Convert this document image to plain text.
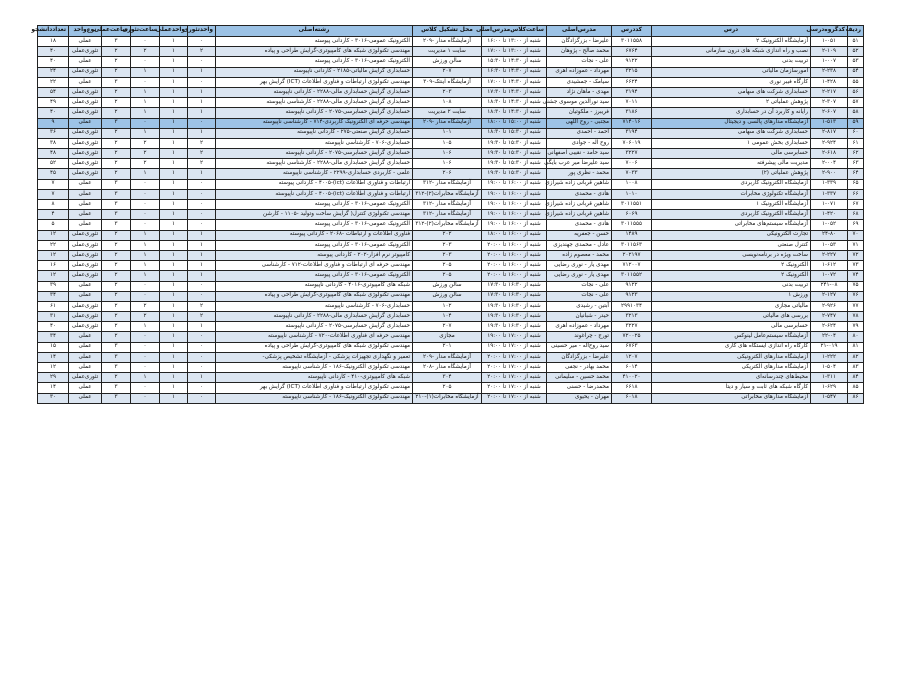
ردیف	کدگروه‌درسی	درس	کددرس	مدرس‌اصلی	ساعت‌کلاس‌مدرس‌اصلی	محل تشکیل کلاس	رشته‌اصلی	واحدتئوری	واحدعملی	ساعت‌تئوری	ساعت‌عملی	نوع‌واحد	تعداددانشجو
۵۱	۱-۰۵۱	آزمایشگاه الکترونیک ۲	۳۰۱۱۵۵۸	علیرضا - بزرگزادگان	شنبه از ۱۳:۰۰ تا ۱۶:۰۰	آزمایشگاه مدار -۲۰۹	الکترونیک عمومی-۳۰۱۶ - کاردانی پیوسته	۰	۱	۰	۳	عملی	۱۸
۵۲	۲-۱۰۹	نصب و راه اندازی شبکه های درون سازمانی	۶۷۶۴	محمد صالح - پژوهان	شنبه از ۱۳:۰۰ تا ۱۷:۰۰	سایت ۱ مدیریت	مهندسی تکنولوژی شبکه های کامپیوتری-گرایش طراحی و پیاده	۲	۱	۲	۲	تئوری‌عملی	۴۰
۵۳	۱-۰۰۷	تربیت بدنی	۹۱۲۲	علی - نجات	شنبه از ۱۴:۳۰ تا ۱۵:۳۰	سالن ورزش	الکترونیک عمومی-۳۰۱۶ - کاردانی پیوسته	۰	۱	۰	۲	عملی	۴۰
۵۴	۲-۲۳۸	امورسازمان مالیاتی	۳۲۱۵	مهرداد - عموزاده اهری	شنبه از ۱۴:۳۰ تا ۱۶:۳۰	۲۰۷	حسابداری گرایش مالیاتی-۲۱۸۵ - کاردانی ناپیوسته	۱	۱	۱	۲	تئوری‌عملی	۲۴
۵۵	۱-۴۲۸	کارگاه فیبر نوری	۶۶۲۴	سیامک - جمشیدی	شنبه از ۱۴:۳۰ تا ۱۷:۰۰	آزمایشگاه اینتک-۳۰۹	مهندسی تکنولوژی ارتباطات و فناوری اطلاعات (ICT) گرایش بهر	۰	۱	۰	۳	عملی	۲۲
۵۶	۲-۲۱۷	حسابداری شرکت های سهامی	۳۱۹۴	مهدی - ماهان نژاد	شنبه از ۱۴:۳۰ تا ۱۷:۳۰	۲۰۳	حسابداری گرایش حسابداری مالی-۲۲۸۸ - کاردانی ناپیوسته	۱	۱	۱	۲	تئوری‌عملی	۵۴
۵۷	۲-۳۰۷	پژوهش عملیاتی ۲	۷۰۱۱	سید نورالدین موسوی جشنی	شنبه از ۱۴:۳۰ تا ۱۸:۳۰	۱۰۸	حسابداری گرایش حسابداری مالی-۲۲۸۸ - کارشناسی ناپیوسته	۱	۱	۱	۲	تئوری‌عملی	۴۹
۵۸	۲-۶۰۷	رایانه و کاربرد آن در حسابداری	۳۱۸۶	فریبرز - ملکوتیان	شنبه از ۱۴:۳۰ تا ۱۸:۳۰	سایت ۲ مدیریت	حسابداری گرایش حسابرسی-۲۰۷۵ - کاردانی ناپیوسته	۱	۱	۱	۲	تئوری‌عملی	۴۰
۵۹	۱-۵۱۳	آزمایشگاه مدارهای پالسی و دیجیتال	۷۱۴۰۱۶	مجتبی - روح اللهی	شنبه از ۱۵:۰۰ تا ۱۸:۰۰	آزمایشگاه مدار -۲۰۹	مهندسی حرفه ای الکترونیک کاربردی-۷۱۴ - کارشناسی ناپیوسته	۰	۱	۰	۳	عملی	۹
۶۰	۲-۸۱۷	حسابداری شرکت های سهامی	۳۱۹۴	احمد - احمدی	شنبه از ۱۵:۳۰ تا ۱۸:۳۰	۱۰۱	حسابداری گرایش صنعتی-۲۷۵ - کاردانی ناپیوسته	۱	۱	۱	۲	تئوری‌عملی	۳۶
۶۱	۲-۹۲۴	حسابداری بخش عمومی ۱	۷۰۶۰۱۹	روح اله - جوادی	شنبه از ۱۵:۳۰ تا ۱۹:۳۰	۱۰۵	حسابداری-۷۰۶ - کارشناسی ناپیوسته	۲	۱	۲	۲	تئوری‌عملی	۳۸
۶۲	۲-۶۱۸	حسابرسی مالی	۳۲۲۷	سید حامد - نقیبی اصفهانی	شنبه از ۱۵:۳۰ تا ۱۹:۳۰	۱۰۶	حسابداری گرایش حسابرسی-۲۰۷۵ - کاردانی ناپیوسته	۲	۱	۲	۲	تئوری‌عملی	۴۸
۶۳	۲-۰۰۴	مدیریت مالی پیشرفته	۷۰۰۶	سید علیرضا میر عرب بایگی	شنبه از ۱۵:۳۰ تا ۱۹:۳۰	۱۰۶	حسابداری گرایش حسابداری مالی-۲۲۸۸ - کارشناسی ناپیوسته	۲	۱	۲	۲	تئوری‌عملی	۵۲
۶۴	۲-۹۰۰	پژوهش عملیاتی (۲)	۷۰۳۳	محمد - نظری پور	شنبه از ۱۵:۳۰ تا ۱۹:۳۰	۲۰۶	علمی - کاربردی حسابداری-۲۲۹۹ - کارشناسی ناپیوسته	۱	۱	۱	۲	تئوری‌عملی	۴۵
۶۵	۱-۳۳۹	آزمایشگاه الکترونیک کاربردی	۱۰۰۸	شاهین قربانی زاده شیرازی	شنبه از ۱۶:۰۰ تا ۱۹:۰۰	آزمایشگاه مدار -۳۱۲	ارتباطات و فناوری اطلاعات (ict)-۴۰۰۵ - کاردانی پیوسته	۰	۱	۰	۳	عملی	۷
۶۶	۱-۳۳۷	آزمایشگاه تکنولوژی مخابرات	۱۰۱۰	هادی - محمدی	شنبه از ۱۶:۰۰ تا ۱۹:۰۰	آزمایشگاه مخابرات(۲)-۳۱۲	ارتباطات و فناوری اطلاعات (ict)-۴۰۰۵ - کاردانی ناپیوسته	۰	۱	۰	۳	عملی	۷
۶۷	۱-۰۷۱	آزمایشگاه الکترونیک ۱	۳۰۱۱۵۵۱	شاهین قربانی زاده شیرازی	شنبه از ۱۶:۰۰ تا ۱۹:۰۰	آزمایشگاه مدار -۳۱۲	الکترونیک عمومی-۳۰۱۶ - کاردانی پیوسته	۰	۱	۰	۳	عملی	۸
۶۸	۱-۴۲۰	آزمایشگاه الکترونیک کاربردی	۶۰۶۹	شاهین قربانی زاده شیرازی	شنبه از ۱۶:۰۰ تا ۱۹:۰۰	آزمایشگاه مدار -۳۱۲	مهندسی تکنولوژی کنترل( گرایش ساخت وتولید -۱۱۰۵ - کارشن	۰	۱	۰	۳	عملی	۴
۶۹	۱-۰۵۲	آزمایشگاه سیستم‌های مخابراتی	۳۰۱۱۵۵۵	هادی - محمدی	شنبه از ۱۶:۰۰ تا ۱۹:۰۰	آزمایشگاه مخابرات(۲)-۳۱۲	الکترونیک عمومی-۳۰۱۶ - کاردانی پیوسته	۰	۱	۰	۳	عملی	۵
۷۰	۲۴-۸۰	تجارت الکترونیکی	۱۴۸۹	حسن - جعفریه	شنبه از ۱۶:۰۰ تا ۱۸:۰۰	۲۰۲	فناوری اطلاعات و ارتباطات -۲۰۶۸ - کاردانی پیوسته	۱	۱	۱	۲	تئوری‌عملی	۱۲
۷۱	۱-۰۵۳	کنترل صنعتی	۳۰۱۱۵۶۳	عادل - محمدی جهندیزی	شنبه از ۱۶:۰۰ تا ۲۰:۰۰	۲۰۳	الکترونیک عمومی-۳۰۱۶ - کاردانی پیوسته	۱	۱	۱	۲	تئوری‌عملی	۲۲
۷۲	۲-۲۲۷	ساخت ویژه در برنامه‌نویسی	۲۰۲۱۹۷	محمد - معصوم زاده	شنبه از ۱۶:۰۰ تا ۲۰:۰۰	۲۰۳	کامپیوتر نرم افزار-۲۰۲ - کاردانی پیوسته	۱	۱	۱	۲	تئوری‌عملی	۱۲
۷۳	۱-۶۱۲	الکترونیک ۲	۷۱۲۰۰۷	مهدی یار - نوری رضایی	شنبه از ۱۶:۰۰ تا ۲۰:۰۰	۲۰۵	مهندسی حرفه ای ارتباطات و فناوری اطلاعات-۷۱۲ - کارشناسی	۱	۱	۱	۲	تئوری‌عملی	۱۶
۷۴	۱-۰۷۲	الکترونیک ۲	۳۰۱۱۵۵۲	مهدی یار - نوری رضایی	شنبه از ۱۶:۰۰ تا ۲۰:۰۰	۲۰۵	الکترونیک عمومی-۳۰۱۶ - کاردانی پیوسته	۱	۱	۱	۲	تئوری‌عملی	۱۲
۷۵	۲۴۱-۰۸	تربیت بدنی	۹۱۲۲	علی - نجات	شنبه از ۱۶:۳۰ تا ۱۷:۳۰	سالن ورزش	شبکه های کامپیوتری-۴۰۱۶ - کاردانی ناپیوسته	۰	۱	۰	۲	عملی	۳۹
۷۶	۲-۱۲۷	ورزش ۱	۹۱۲۳	علی - نجات	شنبه از ۱۶:۳۰ تا ۱۷:۳۰	سالن ورزش	مهندسی تکنولوژی شبکه های کامپیوتری-گرایش طراحی و پیاده	۰	۱	۰	۲	عملی	۳۴
۷۷	۲-۹۲۶	مالیاتی مجازی	۲۹۹۱۰۳۴	آبتین - رشیدی	شنبه از ۱۶:۳۰ تا ۱۹:۳۰	۱۰۲	حسابداری-۷۰۶ - کارشناسی ناپیوسته	۲	۱	۲	۲	تئوری‌عملی	۶۱
۷۸	۲-۷۴۷	بررسی های مالیاتی	۳۲۱۳	حیدر - شبانیان	شنبه از ۱۶:۳۰ تا ۱۹:۳۰	۱۰۴	حسابداری گرایش حسابداری مالی-۲۲۸۸ - کاردانی ناپیوسته	۲	۱	۲	۲	تئوری‌عملی	۳۱
۷۹	۲-۶۲۴	حسابرسی مالی	۳۲۲۷	مهرداد - عموزاده اهری	شنبه از ۱۶:۳۰ تا ۱۹:۳۰	۲۰۷	حسابداری گرایش حسابرسی-۲۰۷۵ - کاردانی ناپیوسته	۱	۱	۱	۲	تئوری‌عملی	۴۰
۸۰	۲۲-۰۴	آزمایشگاه سیستم‌عامل لینوکس	۷۲۰۰۲۵	تورج - چراغوند	شنبه از ۱۷:۰۰ تا ۱۹:۰۰	مجازی	مهندسی حرفه ای فناوری اطلاعات-۷۲۰ - کارشناسی ناپیوسته	۰	۱	۰	۲	عملی	۳۴
۸۱	۲۱-۰۱۹	کارگاه راه اندازی ایستگاه های کاری	۶۷۶۳	سید روح‌اله - میر حسینی	شنبه از ۱۷:۰۰ تا ۱۹:۰۰	۲۰۱	مهندسی تکنولوژی شبکه های کامپیوتری-گرایش طراحی و پیاده	۰	۱	۰	۳	عملی	۱۵
۸۲	۱-۲۲۲	آزمایشگاه مدارهای الکترونیکی	۱۲۰۷	علیرضا - بزرگزادگان	شنبه از ۱۷:۰۰ تا ۲۰:۰۰	آزمایشگاه مدار -۲۰۹	تعمیر و نگهداری تجهیزات پزشکی - آزمایشگاه تشخیص پزشکی-	۰	۱	۰	۳	عملی	۱۴
۸۳	۱-۵۰۴	آزمایشگاه مدارهای الکتریکی	۶۰۱۴	محمد بهادر - نجفی	شنبه از ۱۷:۰۰ تا ۲۰:۰۰	آزمایشگاه مدار -۲۰۸	مهندسی تکنولوژی الکترونیک-۱۸۶ - کارشناسی ناپیوسته	۰	۱	۰	۳	عملی	۱۲
۸۴	۱-۳۱۱	محیط‌های چندرسانه‌ای	۴۱۰۰۲۰	محمد حسین - سلیمانی	شنبه از ۱۷:۰۰ تا ۲۰:۰۰	۳۰۴	شبکه های کامپیوتری-۴۱۰ - کاردانی ناپیوسته	۱	۱	۱	۲	تئوری‌عملی	۲۹
۸۵	۱-۶۲۹	کارگاه شبکه های ثابت و سیار و دیتا	۶۶۱۸	محمدرضا - حسنی	شنبه از ۱۷:۰۰ تا ۲۰:۰۰	۲۰۵	مهندسی تکنولوژی ارتباطات و فناوری اطلاعات (ICT) گرایش بهر	۰	۱	۰	۳	عملی	۱۴
۸۶	۱-۵۴۷	آزمایشگاه مدارهای مخابراتی	۶۰۱۸	مهران - یحیوی	شنبه از ۱۷:۰۰ تا ۲۰:۰۰	آزمایشگاه مخابرات(۱)-۲۱۰	مهندسی تکنولوژی الکترونیک-۱۸۶ - کارشناسی ناپیوسته	۰	۱	۰	۳	عملی	۳۰
